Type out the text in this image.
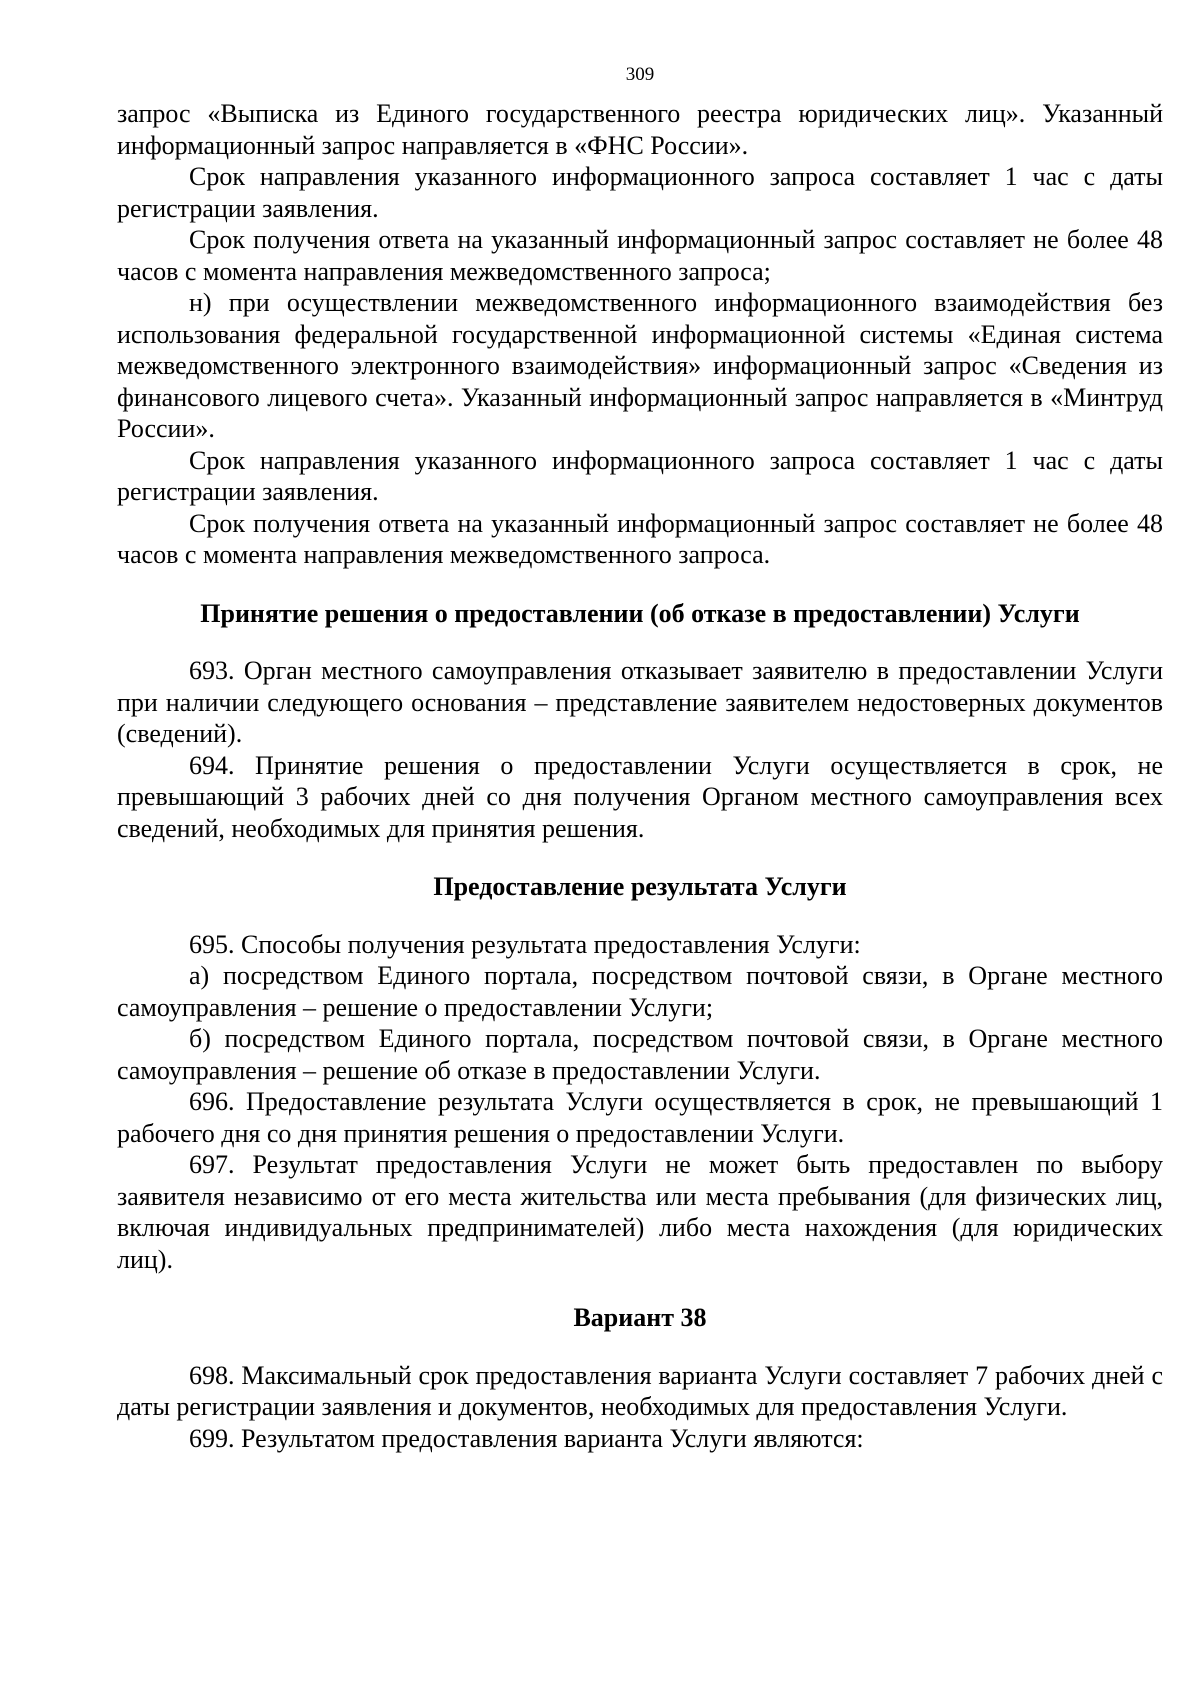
309

запрос «Выписка из Единого государственного реестра юридических лиц». Указанный информационный запрос направляется в «ФНС России».

Срок направления указанного информационного запроса составляет 1 час с даты регистрации заявления.

Срок получения ответа на указанный информационный запрос составляет не более 48 часов с момента направления межведомственного запроса;

н) при осуществлении межведомственного информационного взаимодействия без использования федеральной государственной информационной системы «Единая система межведомственного электронного взаимодействия» информационный запрос «Сведения из финансового лицевого счета». Указанный информационный запрос направляется в «Минтруд России».

Срок направления указанного информационного запроса составляет 1 час с даты регистрации заявления.

Срок получения ответа на указанный информационный запрос составляет не более 48 часов с момента направления межведомственного запроса.

Принятие решения о предоставлении (об отказе в предоставлении) Услуги

693. Орган местного самоуправления отказывает заявителю в предоставлении Услуги при наличии следующего основания – представление заявителем недостоверных документов (сведений).

694. Принятие решения о предоставлении Услуги осуществляется в срок, не превышающий 3 рабочих дней со дня получения Органом местного самоуправления всех сведений, необходимых для принятия решения.

Предоставление результата Услуги

695. Способы получения результата предоставления Услуги:

а) посредством Единого портала, посредством почтовой связи, в Органе местного самоуправления – решение о предоставлении Услуги;

б) посредством Единого портала, посредством почтовой связи, в Органе местного самоуправления – решение об отказе в предоставлении Услуги.

696. Предоставление результата Услуги осуществляется в срок, не превышающий 1 рабочего дня со дня принятия решения о предоставлении Услуги.

697. Результат предоставления Услуги не может быть предоставлен по выбору заявителя независимо от его места жительства или места пребывания (для физических лиц, включая индивидуальных предпринимателей) либо места нахождения (для юридических лиц).

Вариант 38

698. Максимальный срок предоставления варианта Услуги составляет 7 рабочих дней с даты регистрации заявления и документов, необходимых для предоставления Услуги.

699. Результатом предоставления варианта Услуги являются:
